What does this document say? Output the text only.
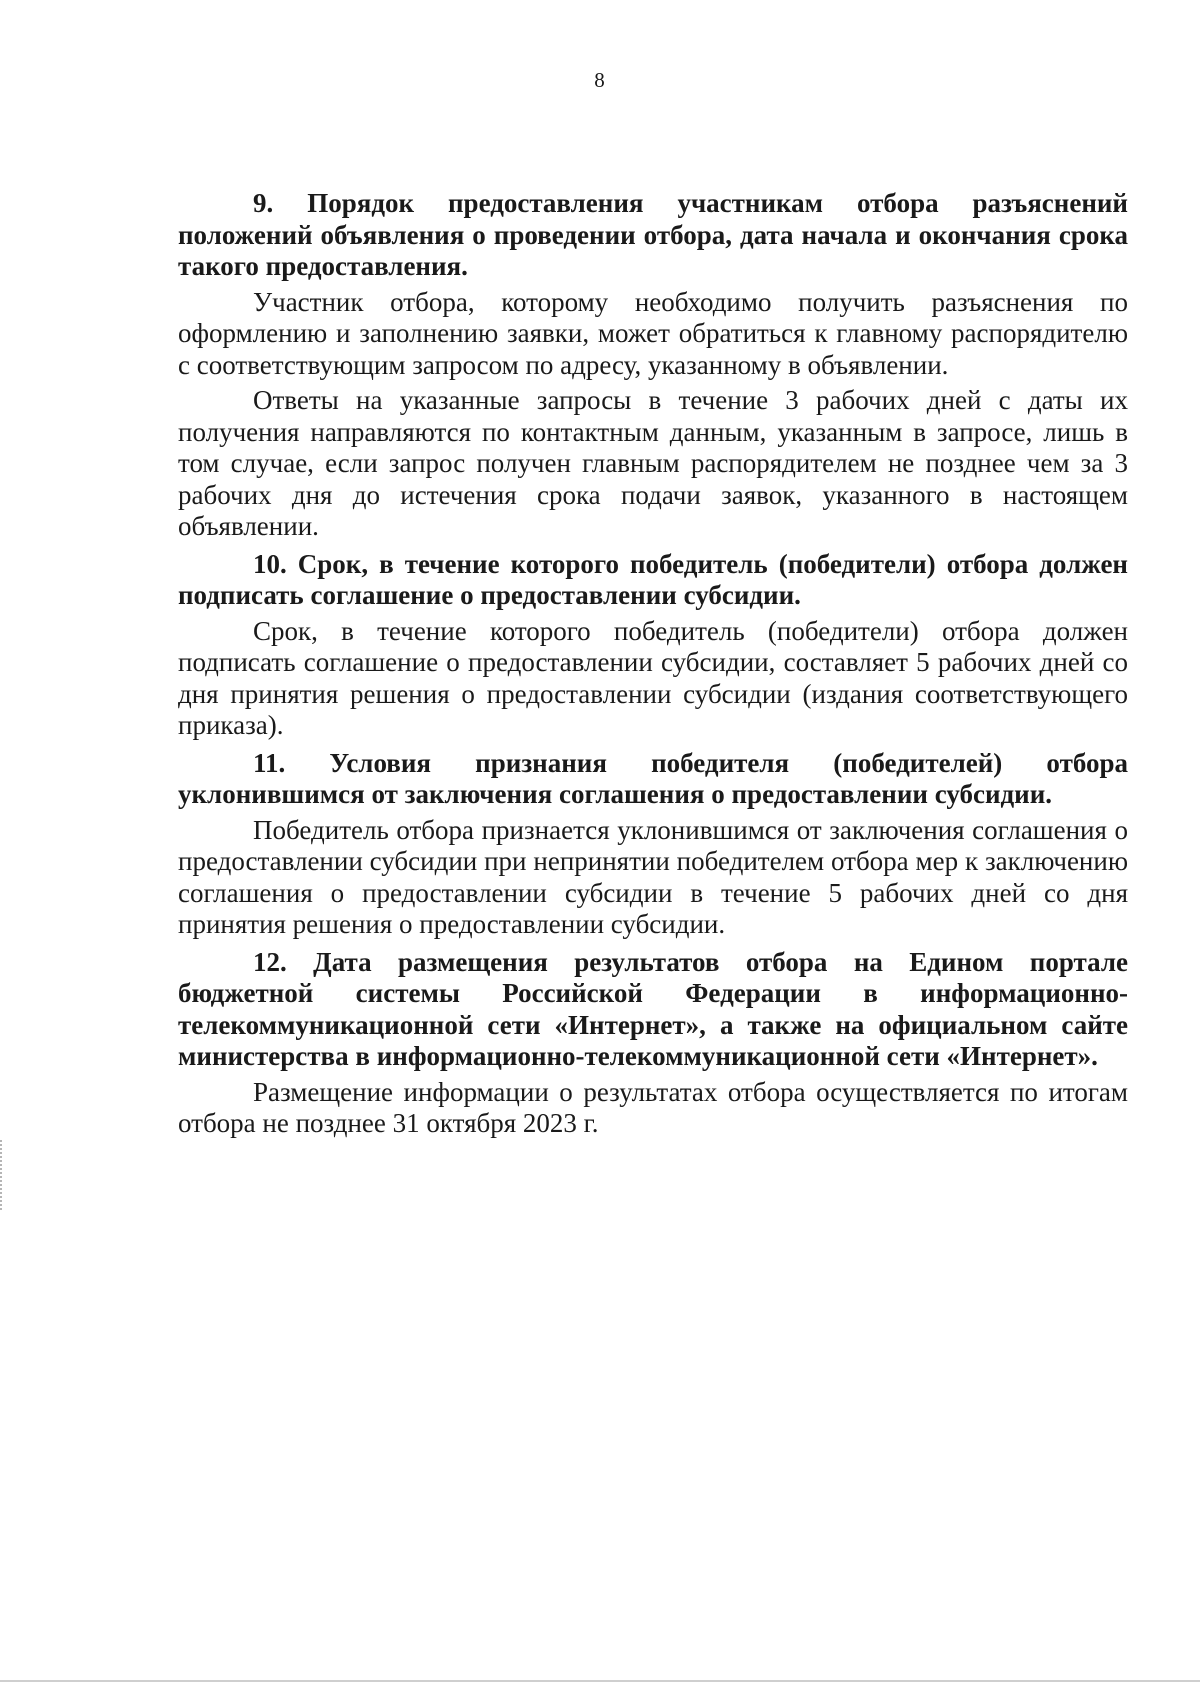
8

9. Порядок предоставления участникам отбора разъяснений положений объявления о проведении отбора, дата начала и окончания срока такого предоставления.

Участник отбора, которому необходимо получить разъяснения по оформлению и заполнению заявки, может обратиться к главному распорядителю с соответствующим запросом по адресу, указанному в объявлении.

Ответы на указанные запросы в течение 3 рабочих дней с даты их получения направляются по контактным данным, указанным в запросе, лишь в том случае, если запрос получен главным распорядителем не позднее чем за 3 рабочих дня до истечения срока подачи заявок, указанного в настоящем объявлении.

10. Срок, в течение которого победитель (победители) отбора должен подписать соглашение о предоставлении субсидии.

Срок, в течение которого победитель (победители) отбора должен подписать соглашение о предоставлении субсидии, составляет 5 рабочих дней со дня принятия решения о предоставлении субсидии (издания соответствующего приказа).

11. Условия признания победителя (победителей) отбора уклонившимся от заключения соглашения о предоставлении субсидии.

Победитель отбора признается уклонившимся от заключения соглашения о предоставлении субсидии при непринятии победителем отбора мер к заключению соглашения о предоставлении субсидии в течение 5 рабочих дней со дня принятия решения о предоставлении субсидии.

12. Дата размещения результатов отбора на Едином портале бюджетной системы Российской Федерации в информационно-телекоммуникационной сети «Интернет», а также на официальном сайте министерства в информационно-телекоммуникационной сети «Интернет».

Размещение информации о результатах отбора осуществляется по итогам отбора не позднее 31 октября 2023 г.
